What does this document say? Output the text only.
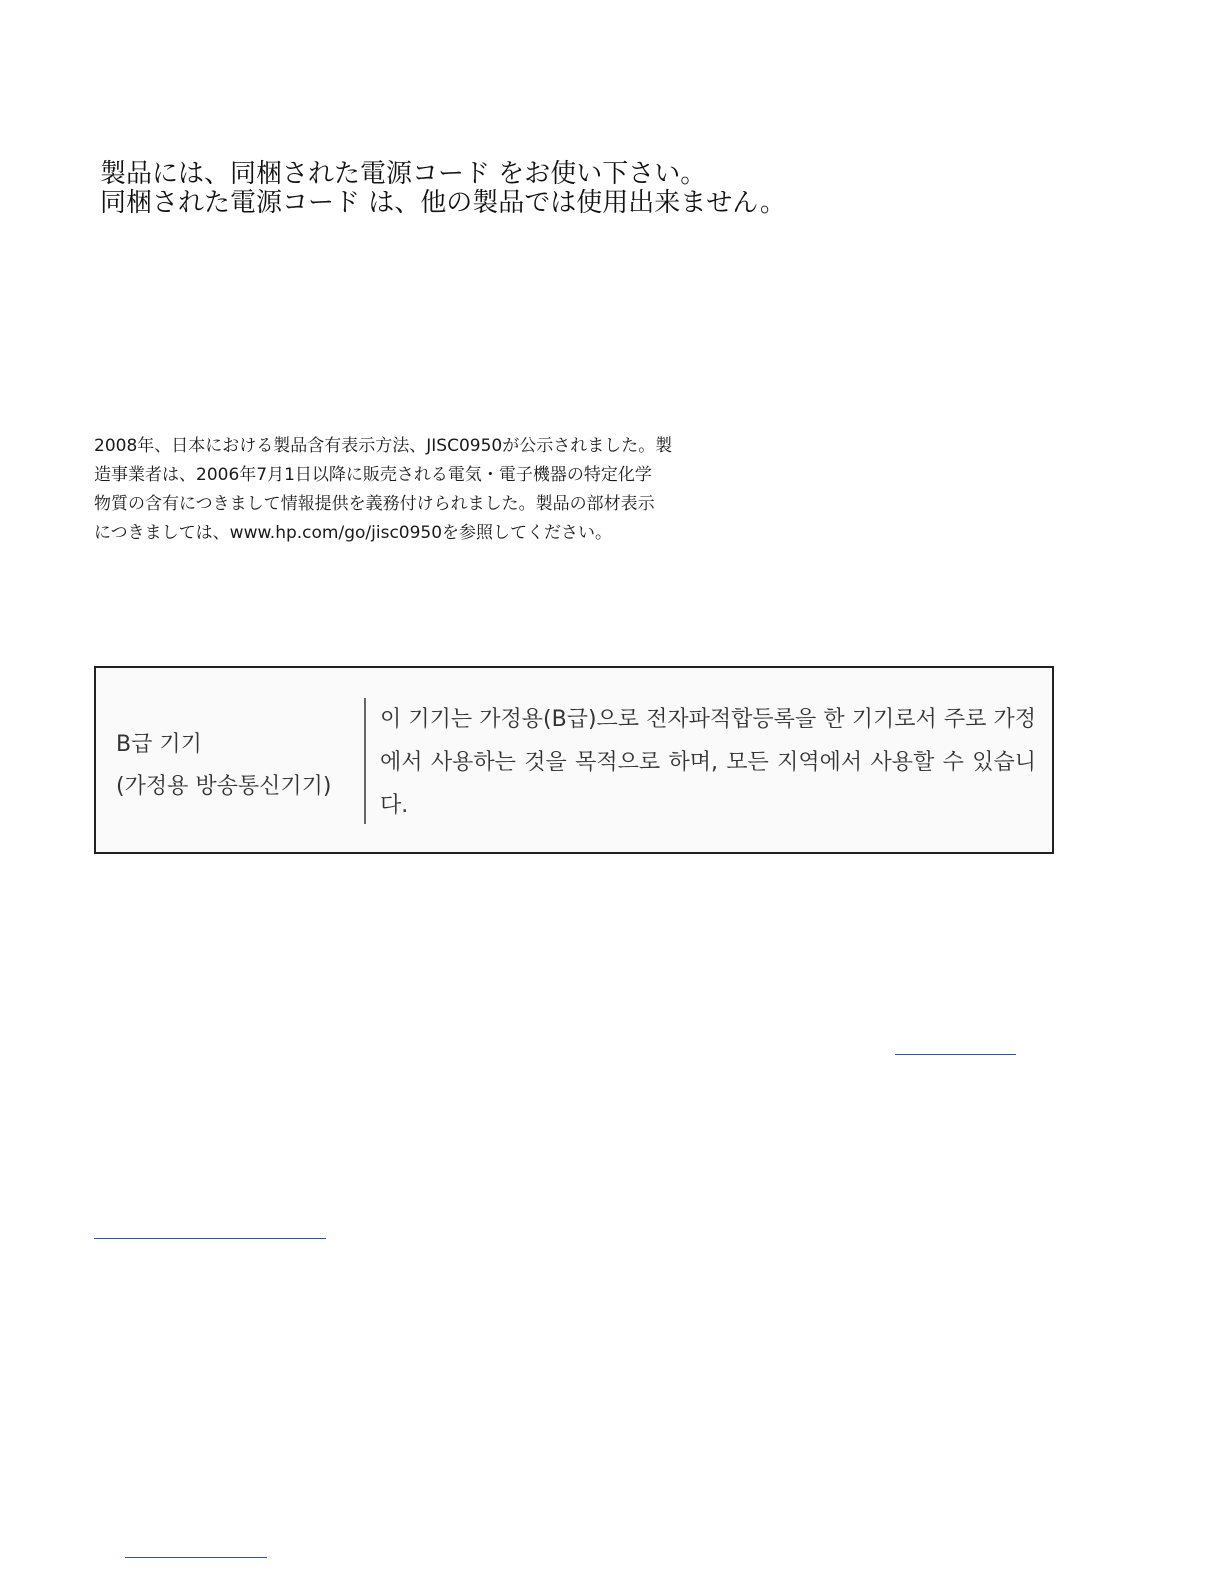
製品には、同梱された電源コード をお使い下さい。
同梱された電源コード は、他の製品では使用出来ません。
2008年、日本における製品含有表示方法、JISC0950が公示されました。製
造事業者は、2006年7月1日以降に販売される電気・電子機器の特定化学
物質の含有につきまして情報提供を義務付けられました。製品の部材表示
につきましては、www.hp.com/go/jisc0950を参照してください。
B급 기기
(가정용 방송통신기기)
이 기기는 가정용(B급)으로 전자파적합등록을 한 기기로서 주로 가정에서 사용하는 것을 목적으로 하며, 모든 지역에서 사용할 수 있습니다.
